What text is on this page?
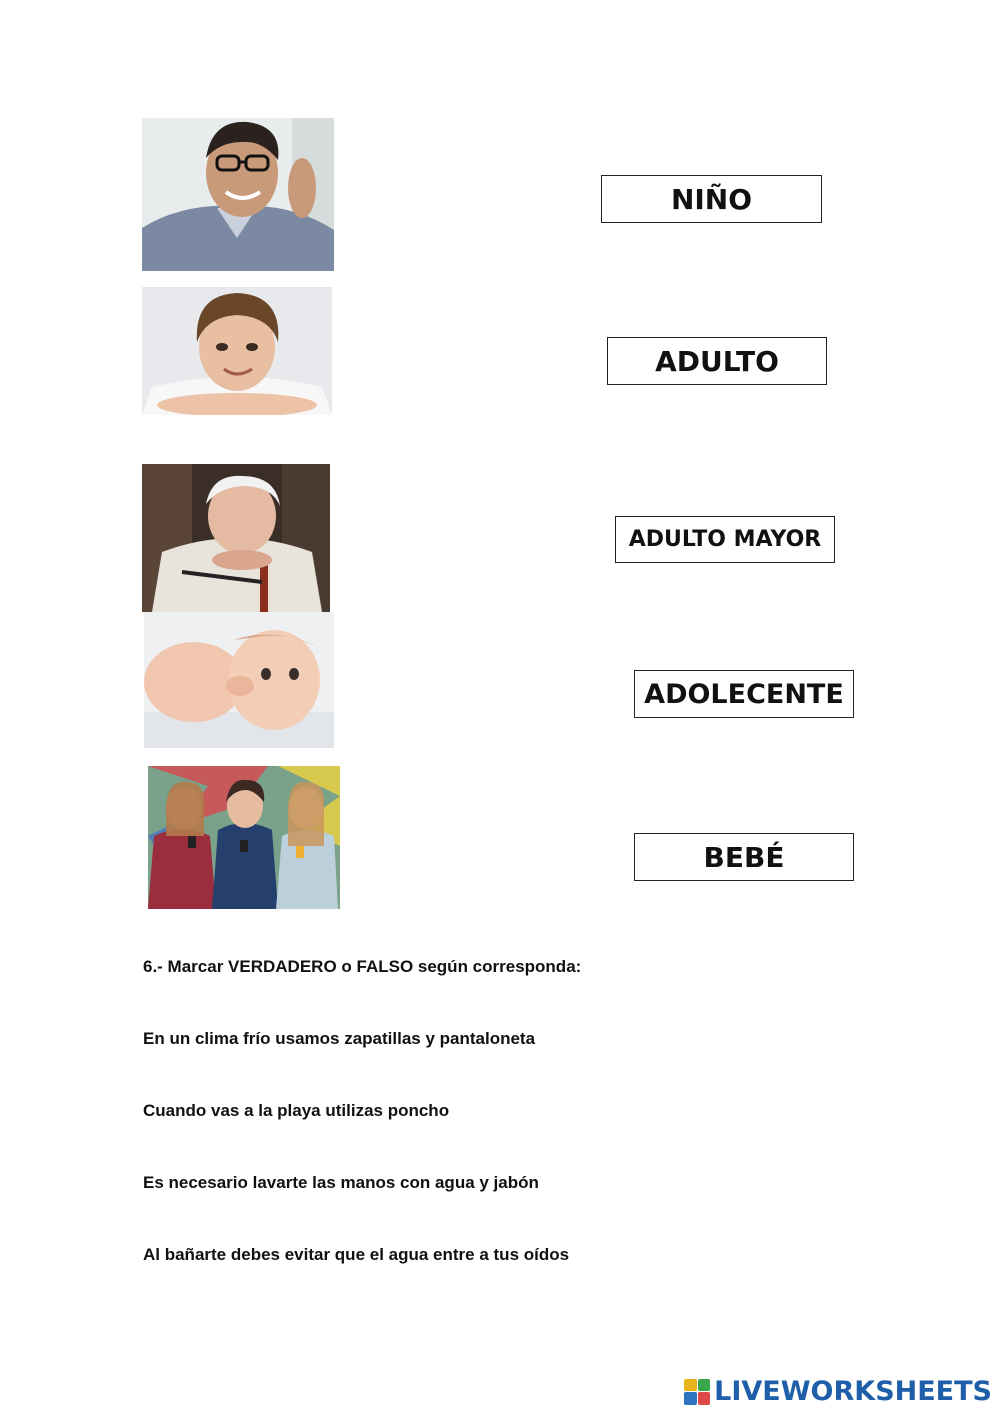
NIÑO
ADULTO
ADULTO MAYOR
ADOLECENTE
BEBÉ
6.- Marcar VERDADERO o FALSO según corresponda:
En un clima frío usamos zapatillas y pantaloneta
Cuando vas a la playa utilizas poncho
Es necesario lavarte las manos con agua y jabón
Al bañarte debes evitar que el agua entre a tus oídos
LIVEWORKSHEETS
